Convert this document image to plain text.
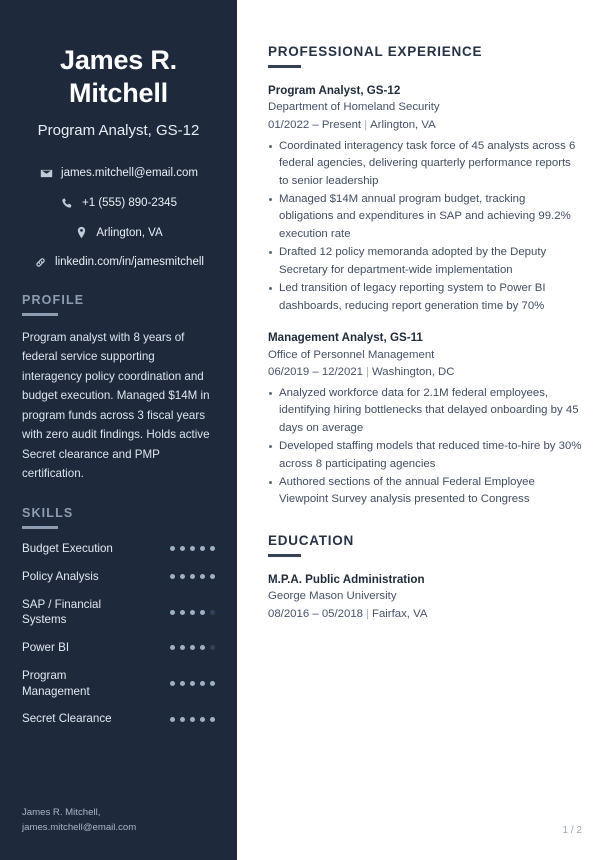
James R. Mitchell
Program Analyst, GS-12
james.mitchell@email.com
+1 (555) 890-2345
Arlington, VA
linkedin.com/in/jamesmitchell
PROFILE

Program analyst with 8 years of federal service supporting interagency policy coordination and budget execution. Managed $14M in program funds across 3 fiscal years with zero audit findings. Holds active Secret clearance and PMP certification.

SKILLS
Budget Execution
Policy Analysis
SAP / Financial Systems
Power BI
Program Management
Secret Clearance
James R. Mitchell,
james.mitchell@email.com
PROFESSIONAL EXPERIENCE
Program Analyst, GS-12
Department of Homeland Security
01/2022 – Present | Arlington, VA
Coordinated interagency task force of 45 analysts across 6 federal agencies, delivering quarterly performance reports to senior leadership
Managed $14M annual program budget, tracking obligations and expenditures in SAP and achieving 99.2% execution rate
Drafted 12 policy memoranda adopted by the Deputy Secretary for department-wide implementation
Led transition of legacy reporting system to Power BI dashboards, reducing report generation time by 70%
Management Analyst, GS-11
Office of Personnel Management
06/2019 – 12/2021 | Washington, DC
Analyzed workforce data for 2.1M federal employees, identifying hiring bottlenecks that delayed onboarding by 45 days on average
Developed staffing models that reduced time-to-hire by 30% across 8 participating agencies
Authored sections of the annual Federal Employee Viewpoint Survey analysis presented to Congress
EDUCATION
M.P.A. Public Administration
George Mason University
08/2016 – 05/2018 | Fairfax, VA
1 / 2
